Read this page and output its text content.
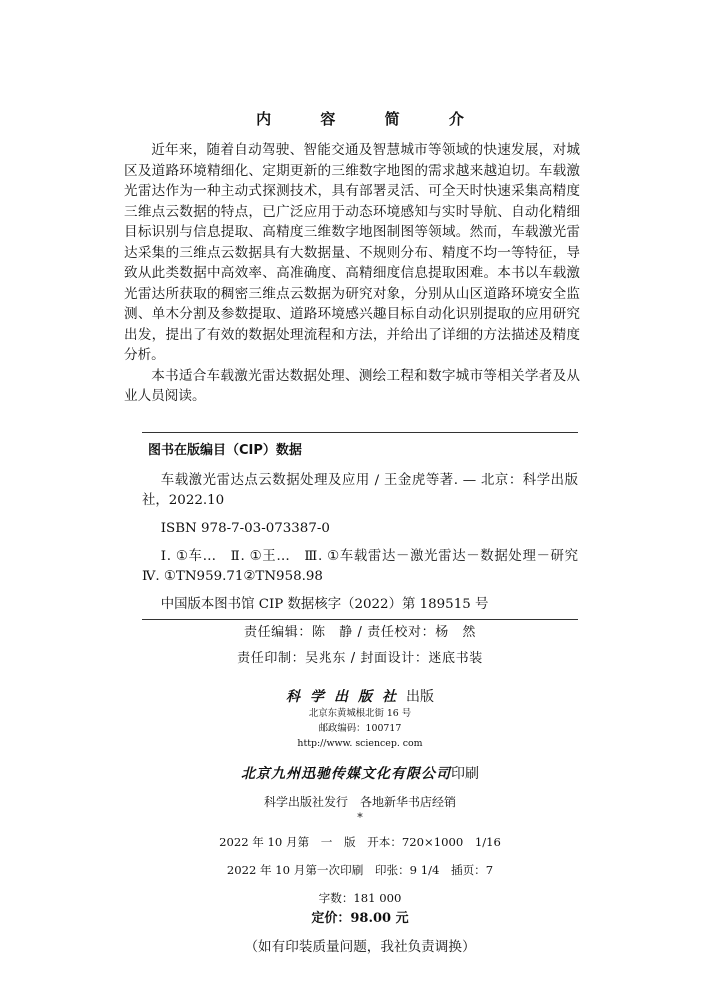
内 容 简 介

近年来，随着自动驾驶、智能交通及智慧城市等领域的快速发展，对城区及道路环境精细化、定期更新的三维数字地图的需求越来越迫切。车载激光雷达作为一种主动式探测技术，具有部署灵活、可全天时快速采集高精度三维点云数据的特点，已广泛应用于动态环境感知与实时导航、自动化精细目标识别与信息提取、高精度三维数字地图制图等领域。然而，车载激光雷达采集的三维点云数据具有大数据量、不规则分布、精度不均一等特征，导致从此类数据中高效率、高准确度、高精细度信息提取困难。本书以车载激光雷达所获取的稠密三维点云数据为研究对象，分别从山区道路环境安全监测、单木分割及参数提取、道路环境感兴趣目标自动化识别提取的应用研究出发，提出了有效的数据处理流程和方法，并给出了详细的方法描述及精度分析。

本书适合车载激光雷达数据处理、测绘工程和数字城市等相关学者及从业人员阅读。

图书在版编目（CIP）数据
车载激光雷达点云数据处理及应用 / 王金虎等著. — 北京：科学出版社，2022.10
ISBN 978-7-03-073387-0
Ⅰ. ①车…　Ⅱ. ①王…　Ⅲ. ①车载雷达－激光雷达－数据处理－研究　Ⅳ. ①TN959.71②TN958.98
中国版本图书馆 CIP 数据核字（2022）第 189515 号
责任编辑：陈　静 / 责任校对：杨　然
责任印制：吴兆东 / 封面设计：迷底书装
科学出版社出版
北京东黄城根北街 16 号
邮政编码：100717
http://www. sciencep. com
北京九州迅驰传媒文化有限公司印刷
科学出版社发行　各地新华书店经销
*
2022 年 10 月第　一　版　开本：720×1000　1/16
2022 年 10 月第一次印刷　印张：9 1/4　插页：7
字数：181 000
定价：98.00 元
（如有印装质量问题，我社负责调换）
